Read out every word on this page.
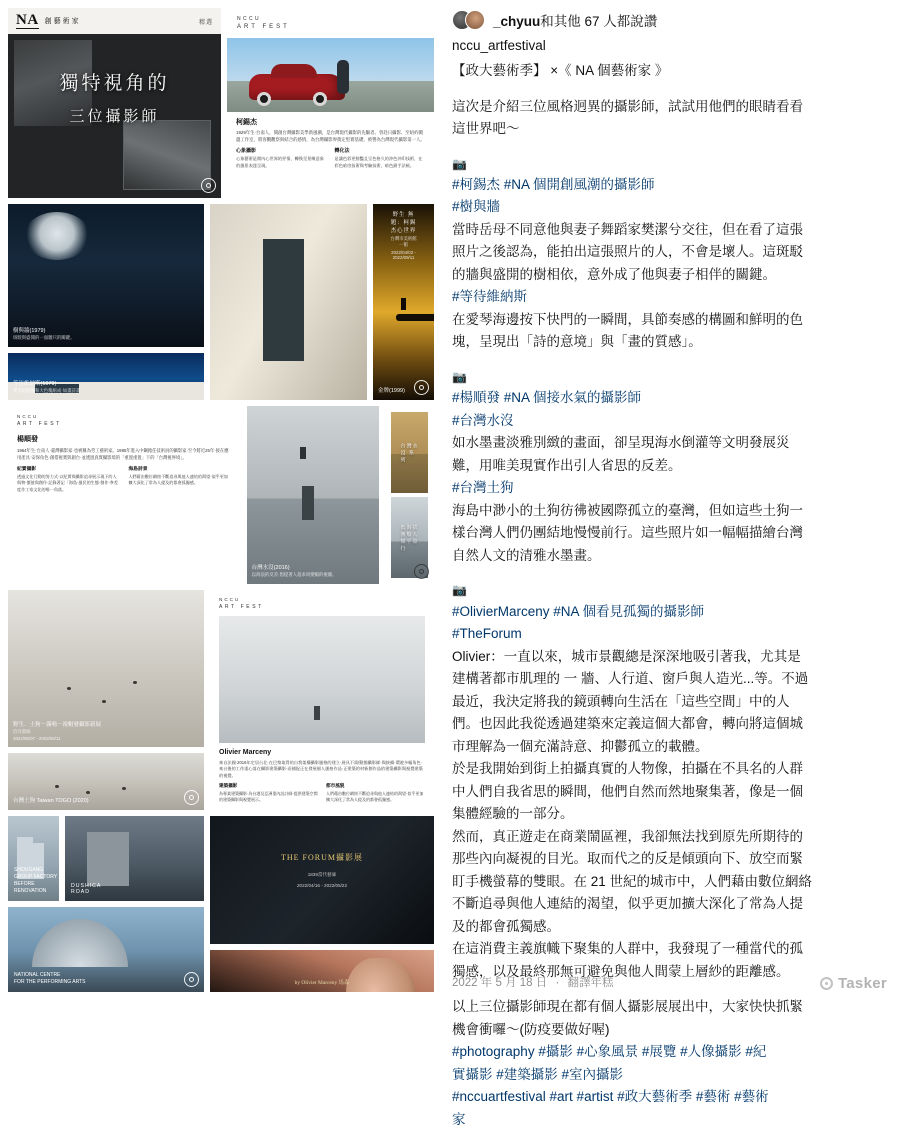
NA 創藝術家	精選
獨特視角的
三位攝影師
NCCU
ART FEST
柯錫杰

1929年生·台南人，開創台灣攝影美學新風潮，是台灣現代攝影的先驅者。曾赴日攝影、至紐約闖盪工作室，將客觀觀察與結合的感情，為台灣攝影界奠定堅實基礎，被譽為台灣現代攝影第一人。

心象攝影
心象藝術是開內心世界的抒情，轉換至景緻意象的風景表達呈現。
轉化法
是讓色彩更鮮豔且呈色格久的沖色沖印技術，在彩色暗房技術與考驗技術，暗色鎖手法極。
樹與牆(1979)
斑駁與盛開的一面牆只的關鍵。
等待維納斯(1979)
愛琴的鮮豔和大色塊組成·如畫詩畫
野生 無題：柯錫杰心世界
台灣市美術館一館
2022/04/02 - 2022/09/11
金牌(1999)
NCCU
ART FEST
楊順發

1964年生·台南人·臺灣攝影家·也被稱為勞工藝術家。1985年進入中鋼擔任技術員的攝影家·至今將近25年·接在應用產具·安保角色·創搭視實與創台·並透過真實攝影境的「重置重置」下的「台灣視界境」。

紀實攝影
透過文化行動的努力式·以紀實與攝影追尋展示現下的人與物·價值與創作·記錄著記「海島·風民的生態·創作·參差度作工家文化的唯一角落。
海島詩景
人們藉由數位網絡不斷追尋與他人連結的渴望·似乎更加擴大深化了常為人提及的都會孤獨感。
台灣水沒(2016)
以海浪的反差·想提著人超求同變幅的視圖。
台灣水沒 系列
低海拔漁船人類平原行
野生．土狗－霧鳴－視帽發攝影新展
信洋畫廊
2022/05/07 - 2022/06/11
台灣土狗 Taiwan TOGO (2020)
NCCU
ART FEST
Olivier Marceny

來自法國·2016年定居台北·在巴黎取得的自我架構攝影風格的建立·展具不需/動態攝影師·與接續·環遊多幅角色·來台後的工作重心落在攝影建築攝影·而捕捉正在發展個人風格作品·正建築的材新創作品的建築攝影與視覺建築的視覺。

建築攝影
為專業建築攝影·為台港及亞洲重內設計師·提供建築空間的建築攝影與視覺展示。
都市風貌
人們藉由數位網絡不斷追尋與他人連結的渴望·似乎更加擴大深化了常為人提及的都會孤獨感。
SHOUGANG GROUP FACTORY
BEFORE RENOVATION
DUSHICA
ROAD
NATIONAL CENTRE
FOR THE PERFORMING ARTS
THE FORUM攝影展
1839當代藝廊
2022/04/16 - 2022/05/22
by Olivier Marceny 馬森
_chyuu和其他 67 人都說讚
nccu_artfestival

【政大藝術季】 ×《 NA 個藝術家 》

這次是介紹三位風格迥異的攝影師，試試用他們的眼睛看看

這世界吧～

📷

#柯錫杰 #NA 個開創風潮的攝影師

#樹與牆

當時岳母不同意他與妻子舞蹈家樊潔兮交往，但在看了這張

照片之後認為，能拍出這張照片的人，不會是壞人。這斑駁

的牆與盛開的樹相依，意外成了他與妻子相伴的關鍵。

#等待維納斯

在愛琴海邊按下快門的一瞬間，具節奏感的構圖和鮮明的色

塊，呈現出「詩的意境」與「畫的質感」。

📷

#楊順發 #NA 個接水氣的攝影師

#台灣水沒

如水墨畫淡雅別緻的畫面，卻呈現海水倒灌等文明發展災

難，用唯美現實作出引人省思的反差。

#台灣土狗

海島中渺小的土狗彷彿被國際孤立的臺灣，但如這些土狗一

樣台灣人們仍團結地慢慢前行。這些照片如一幅幅描繪台灣

自然人文的清雅水墨畫。

📷

#OlivierMarceny #NA 個看見孤獨的攝影師

#TheForum

Olivier：一直以來，城市景觀總是深深地吸引著我，尤其是

建構著都市肌理的 一 牆、人行道、窗戶與人造光...等。不過

最近，我決定將我的鏡頭轉向生活在「這些空間」中的人

們。也因此我從透過建築來定義這個大都會，轉向將這個城

市理解為一個充滿詩意、抑鬱孤立的載體。

於是我開始到街上拍攝真實的人物像，拍攝在不具名的人群

中人們自我省思的瞬間，他們自然而然地聚集著，像是一個

集體經驗的一部分。

然而，真正遊走在商業鬧區裡，我卻無法找到原先所期待的

那些內向凝視的目光。取而代之的反是傾頭向下、放空而緊

盯手機螢幕的雙眼。在 21 世紀的城市中，人們藉由數位網絡

不斷追尋與他人連結的渴望，似乎更加擴大深化了常為人提

及的都會孤獨感。

在這消費主義旗幟下聚集的人群中，我發現了一種當代的孤

獨感，以及最終那無可避免與他人間蒙上層紗的距離感。

以上三位攝影師現在都有個人攝影展展出中，大家快快抓緊

機會衝囉～(防疫要做好喔)

#photography #攝影 #心象風景 #展覽 #人像攝影 #紀

實攝影 #建築攝影 #室內攝影

#nccuartfestival #art #artist #政大藝術季 #藝術 #藝術

家

2022 年 5 月 18 日 · 翻譯年糕	Tasker
